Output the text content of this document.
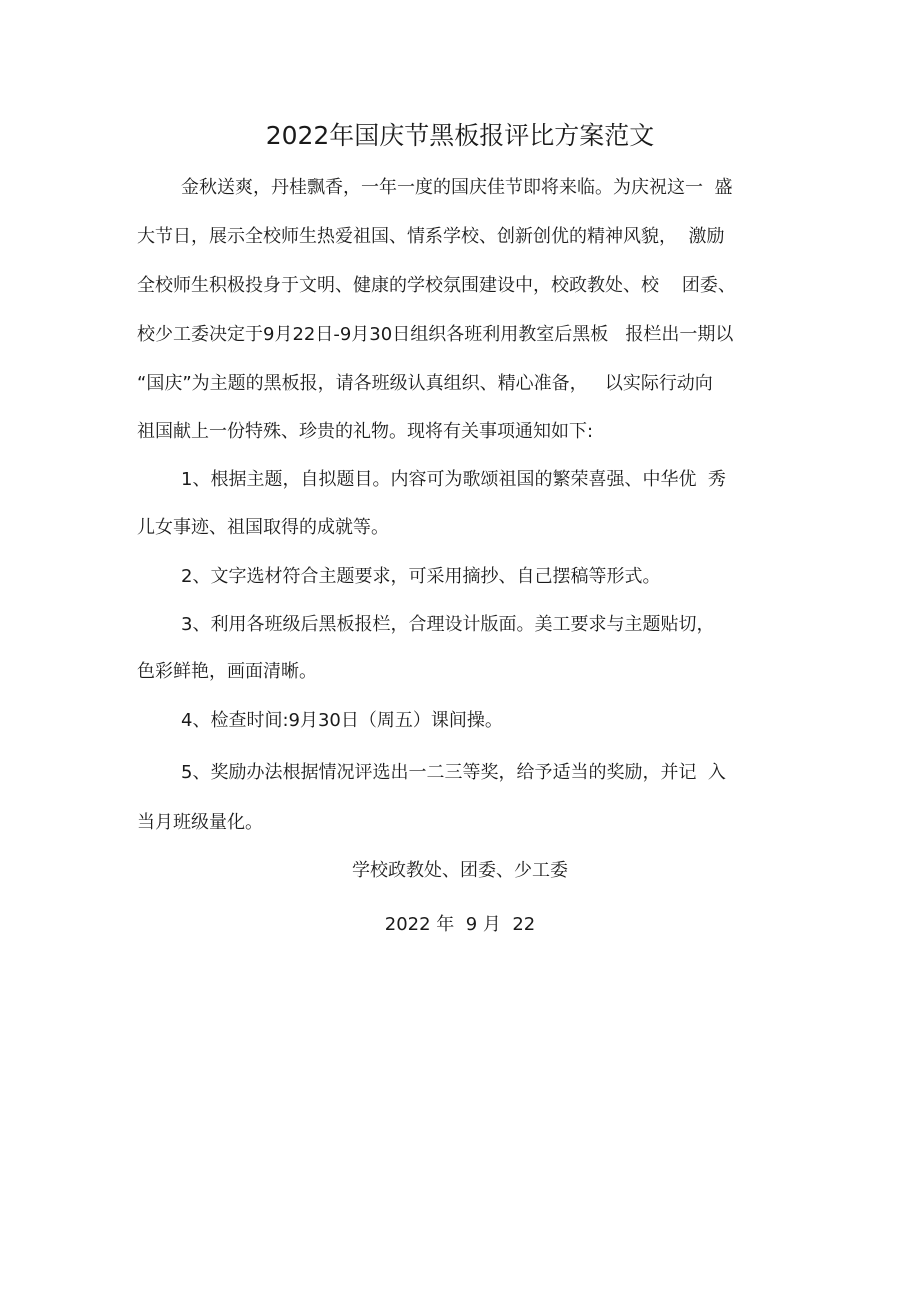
2022年国庆节黑板报评比方案范文
金秋送爽，丹桂飘香，一年一度的国庆佳节即将来临。为庆祝这一  盛
大节日，展示全校师生热爱祖国、情系学校、创新创优的精神风貌，  激励
全校师生积极投身于文明、健康的学校氛围建设中，校政教处、校    团委、
校少工委决定于9月22日-9月30日组织各班利用教室后黑板   报栏出一期以
“国庆”为主题的黑板报，请各班级认真组织、精心准备，   以实际行动向
祖国献上一份特殊、珍贵的礼物。现将有关事项通知如下:
1、根据主题，自拟题目。内容可为歌颂祖国的繁荣喜强、中华优  秀
儿女事迹、祖国取得的成就等。
2、文字选材符合主题要求，可采用摘抄、自己摆稿等形式。
3、利用各班级后黑板报栏，合理设计版面。美工要求与主题贴切，
色彩鲜艳，画面清晰。
4、检查时间:9月30日（周五）课间操。
5、奖励办法根据情况评选出一二三等奖，给予适当的奖励，并记  入
当月班级量化。
学校政教处、团委、少工委
2022 年  9 月  22
